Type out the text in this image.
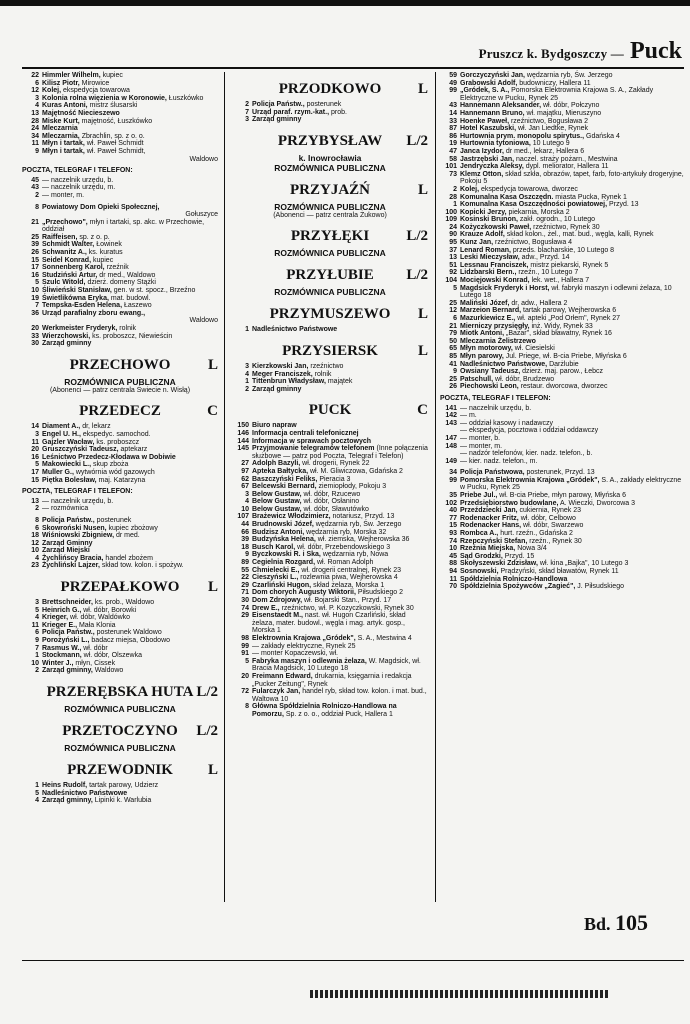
Pruszcz k. Bydgoszczy — Puck
22 Himmler Wilhelm, kupiec
6 Kilisz Piotr, Mirowice
12 Kolej, ekspedycja towarowa
3 Kolonia rolna więzienia w Koronowie, Łuszkówko
4 Kuras Antoni, mistrz ślusarski
13 Majętność Niecieszewo
28 Miske Kurt, majętność, Łuszkówko
24 Mleczarnia
34 Mleczarnia, Zbrachlin, sp. z o. o.
11 Młyn i tartak, wł. Paweł Schmidt
9 Młyn i tartak, wł. Paweł Schmidt,
Waldowo
POCZTA, TELEGRAF I TELEFON:
45 — naczelnik urzędu, b.
43 — naczelnik urzędu, m.
2 — monter, m.
8 Powiatowy Dom Opieki Społecznej,
Gołuszyce
21 „Przechowo", młyn i tartaki, sp. akc. w Przechowie, oddział
25 Raiffeisen, sp. z o. p.
39 Schmidt Walter, Łowinek
26 Schwanitz A., ks. kuratus
15 Seidel Konrad, kupiec
17 Sonnenberg Karol, rzeźnik
16 Studziński Artur, dr med., Waldowo
5 Szulc Witold, dzierż. domeny Stążki
10 Śliwieński Stanisław, gen. w st. spocz., Brzeźno
19 Świetlikówna Eryka, mat. budowl.
7 Tempska-Esden Helena, Łaszewo
36 Urząd parafialny zboru ewang.,
Waldowo
20 Werkmeister Fryderyk, rolnik
33 Wierzchowski, ks. proboszcz, Niewieścin
30 Zarząd gminny
PRZECHOWO	L
ROZMÓWNICA PUBLICZNA
(Abonenci — patrz centrala Świecie n. Wisłą)
PRZEDECZ	C
14 Diament A., dr, lekarz
3 Engel U. H., ekspedyc. samochod.
11 Gajzler Wacław, ks. proboszcz
20 Gruszczyński Tadeusz, aptekarz
16 Leśnictwo Przedecz-Kłodawa w Dobiwie
5 Makowiecki L., skup zboża
17 Muller G., wytwórnia wód gazowych
15 Piętka Bolesław, maj. Katarzyna
POCZTA, TELEGRAF I TELEFON:
13 — naczelnik urzędu, b.
2 — rozmównica
8 Policja Państw., posterunek
6 Skowroński Nusen, kupiec zbożowy
18 Wiśniowski Zbigniew, dr med.
12 Zarząd Gminny
10 Zarząd Miejski
4 Żychlińscy Bracia, handel zbożem
23 Żychliński Lajzer, skład tow. kolon. i spożyw.
PRZEPAŁKOWO L
3 Brettschneider, ks. prob., Waldowo
5 Heinrich G., wł. dóbr, Borowki
4 Krieger, wł. dóbr, Waldówko
11 Krieger E., Mała Klonia
6 Policja Państw., posterunek Waldowo
9 Porożyński L., badacz miejsa, Obodowo
7 Rasmus W., wł. dóbr
1 Stockmann, wł. dóbr, Olszewka
10 Winter J., młyn, Cissek
2 Zarząd gminny, Waldowo
PRZERĘBSKA HUTA L/2
ROZMÓWNICA PUBLICZNA
PRZETOCZYNO L/2
ROZMÓWNICA PUBLICZNA
PRZEWODNIK L
1 Heins Rudolf, tartak parowy, Udzierz
5 Nadleśnictwo Państwowe
4 Zarząd gminny, Lipinki k. Warlubia
PRZODKOWO L
2 Policja Państw., posterunek
7 Urząd paraf. rzym.-kat., prob.
3 Zarząd gminny
PRZYBYSŁAW L/2
k. Inowrocławia
ROZMÓWNICA PUBLICZNA
PRZYJAŹŃ	L
ROZMÓWNICA PUBLICZNA
(Abonenci — patrz centrala Żukowo)
PRZYŁĘKI L/2
ROZMÓWNICA PUBLICZNA
PRZYŁUBIE L/2
ROZMÓWNICA PUBLICZNA
PRZYMUSZEWO L
1 Nadleśnictwo Państwowe
PRZYSIERSK	L
3 Kierzkowski Jan, rzeźnictwo
4 Meger Franciszek, rolnik
1 Tittenbrun Władysław, majątek
2 Zarząd gminny
PUCK	C
150 Biuro napraw
146 Informacja centrali telefonicznej
144 Informacja w sprawach pocztowych
145 Przyjmowanie telegramów telefonem (Inne połączenia służbowe — patrz pod Poczta, Telegraf i Telefon)
27 Adolph Bazyli, wł. drogerii, Rynek 22
97 Apteka Bałtycka, wł. M. Gliwiczowa, Gdańska 2
62 Baszczyński Feliks, Pieracia 3
67 Belcewski Bernard, ziemiopłody, Pokoju 3
3 Below Gustaw, wł. dóbr, Rzucewo
4 Below Gustaw, wł. dóbr, Osłanino
10 Below Gustaw, wł. dóbr, Sławutówko
107 Brażewicz Włodzimierz, notariusz, Przyd. 13
44 Brudnowski Józef, wędzarnia ryb, Św. Jerzego
66 Budzisz Antoni, wędzarnia ryb, Morska 32
39 Budzyńska Helena, wł. ziemska, Wejherowska 36
18 Busch Karol, wł. dóbr, Przebendowskiego 3
9 Byczkowski R. i Ska, wędzarnia ryb, Nowa
89 Cegielnia Rozgard, wł. Roman Adolph
55 Chmielecki E., wł. drogerii centralnej, Rynek 23
22 Cieszyński L., rozlewnia piwa, Wejherowska 4
29 Czarliński Hugon, skład żelaza, Morska 1
71 Dom chorych Augusty Wiktorii, Piłsudskiego 2
30 Dom Zdrojowy, wł. Bojarski Stan., Przyd. 17
74 Drew E., rzeźnictwo, wł. P. Kozyczkowski, Rynek 30
29 Eisenstaedt M., nast. wł. Hugon Czarliński, skład żelaza, mater. budowl., węgla i mag. artyk. gosp., Morska 1
98 Elektrownia Krajowa „Gródek", S. A., Mestwina 4
99 — zakłady elektryczne, Rynek 25
91 — monter Kopaczewski, wł.
5 Fabryka maszyn i odlewnia żelaza, W. Magdsick, wł. Bracia Magdsick, 10 Lutego 18
20 Freimann Edward, drukarnia, księgarnia i redakcja „Pucker Zeitung", Rynek
72 Fularczyk Jan, handel ryb, skład tow. kolon. i mat. bud., Waltowa 10
8 Główna Spółdzielnia Rolniczo-Handlowa na Pomorzu, Sp. z o. o., oddział Puck, Hallera 1
59 Gorczyczyński Jan, wędzarnia ryb, Św. Jerzego
49 Grabowski Adolf, budowniczy, Hallera 11
99 „Gródek, S. A., Pomorska Elektrownia Krajowa S. A., Zakłady Elektryczne w Pucku, Rynek 25
43 Hannemann Aleksander, wł. dóbr, Połczyno
14 Hannemann Bruno, wł. majątku, Mieruszyno
33 Hoenke Paweł, rzeźnictwo, Bogusława 2
87 Hotel Kaszubski, wł. Jan Liedtke, Rynek
86 Hurtownia prym. monopolu spirytus., Gdańska 4
19 Hurtownia tytoniowa, 10 Lutego 9
47 Janca Izydor, dr med., lekarz, Hallera 6
58 Jastrzębski Jan, naczel. straży pożarn., Mestwina
101 Jendryczka Aleksy, dypl. meliorator, Hallera 11
73 Klemz Otton, skład szkła, obrazów, tapet, farb, foto-artykuły drogeryjne, Pokoju 5
2 Kolej, ekspedycja towarowa, dworzec
28 Komunalna Kasa Oszczędn. miasta Pucka, Rynek 1
1 Komunalna Kasa Oszczędności powiatowej, Przyd. 13
100 Kopicki Jerzy, piekarnia, Morska 2
109 Kosinski Brunon, zakł. ogrodn., 10 Lutego
24 Kożyczkowski Paweł, rzeźnictwo, Rynek 30
90 Krauze Adolf, skład kolon., żel., mat. bud., węgla, kalli, Rynek
95 Kunz Jan, rzeźnictwo, Bogusława 4
37 Lenard Roman, przeds. blacharskie, 10 Lutego 8
13 Leski Mieczysław, adw., Przyd. 14
51 Lessnau Franciszek, mistrz piekarski, Rynek 5
92 Lidzbarski Bern., rzeźn., 10 Lutego 7
104 Mocięjowski Konrad, lek. wet., Hallera 7
5 Magdsick Fryderyk i Horst, wł. fabryki maszyn i odlewni żelaza, 10 Lutego 18
25 Maliński Józef, dr, adw., Hallera 2
12 Marzeion Bernard, tartak parowy, Wejherowska 6
6 Mazurkiewicz E., wł. apteki „Pod Orłem", Rynek 27
21 Mierniczy przysięgły, inż. Widy, Rynek 33
79 Miotk Antoni, „Bazar", skład bławatny, Rynek 16
50 Mleczarnia Żelistrzewo
65 Młyn motorowy, wł. Ciesielski
85 Młyn parowy, Jul. Priege, wł. B-cia Priebe, Młyńska 6
41 Nadleśnictwo Państwowe, Darżlubie
9 Owsiany Tadeusz, dzierż. maj. parow., Łebcz
25 Patschull, wł. dóbr, Brudzewo
26 Piechowski Leon, restaur. dworcowa, dworzec
POCZTA, TELEGRAF I TELEFON:
141 — naczelnik urzędu, b.
142 — m.
143 — oddział kasowy i nadawczy
— ekspedycja, pocztowa i oddział oddawczy
147 — monter, b.
148 — monter, m.
— nadzór telefonów, kier. nadz. telefon., b.
149 — kier. nadz. telefon., m.
34 Policja Państwowa, posterunek, Przyd. 13
99 Pomorska Elektrownia Krajowa „Gródek", S. A., zakłady elektryczne w Pucku, Rynek 25
35 Priebe Jul., wł. B-cia Priebe, młyn parowy, Młyńska 6
102 Przedsiębiorstwo budowlane, A. Wieczki, Dworcowa 3
40 Przeździecki Jan, cukiernia, Rynek 23
77 Rodenacker Fritz, wł. dóbr, Celbowo
15 Rodenacker Hans, wł. dóbr, Swarzewo
93 Rombca A., hurt. rzeźn., Gdańska 2
74 Rzepczyński Stefan, rzeźn., Rynek 30
10 Rzeźnia Miejska, Nowa 3/4
45 Sąd Grodzki, Przyd. 15
88 Skołyszewski Zdzisław, wł. kina „Bajka", 10 Lutego 3
94 Sosnowski, Prądzyński, skład bławatów, Rynek 11
11 Spółdzielnia Rolniczo-Handlowa
70 Spółdzielnia Spożywców „Zagieć", J. Piłsudskiego
Bd. 105
